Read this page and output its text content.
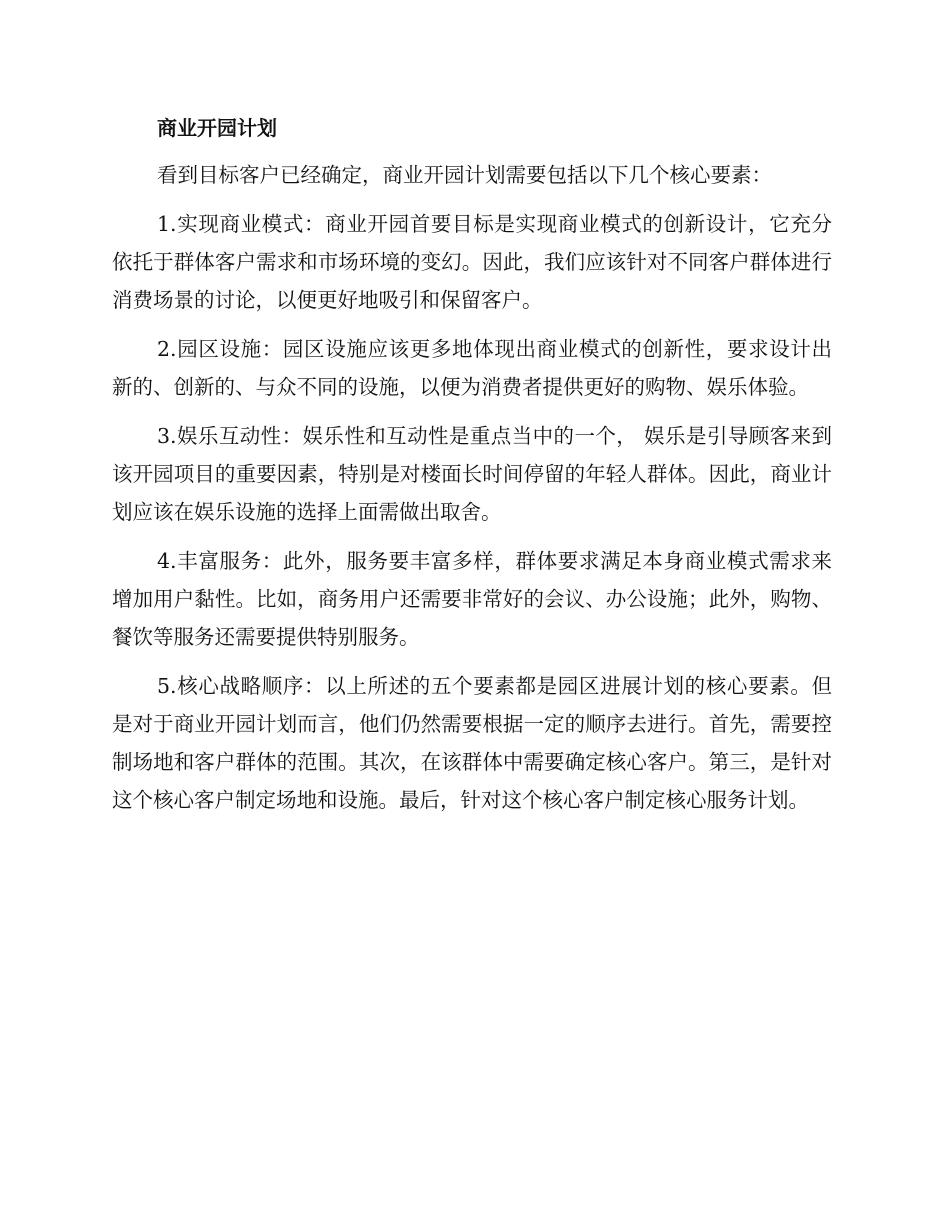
商业开园计划

看到目标客户已经确定，商业开园计划需要包括以下几个核心要素：

1.实现商业模式：商业开园首要目标是实现商业模式的创新设计，它充分依托于群体客户需求和市场环境的变幻。因此，我们应该针对不同客户群体进行消费场景的讨论，以便更好地吸引和保留客户。

2.园区设施：园区设施应该更多地体现出商业模式的创新性，要求设计出新的、创新的、与众不同的设施，以便为消费者提供更好的购物、娱乐体验。

3.娱乐互动性：娱乐性和互动性是重点当中的一个， 娱乐是引导顾客来到该开园项目的重要因素，特别是对楼面长时间停留的年轻人群体。因此，商业计划应该在娱乐设施的选择上面需做出取舍。

4.丰富服务：此外，服务要丰富多样，群体要求满足本身商业模式需求来增加用户黏性。比如，商务用户还需要非常好的会议、办公设施；此外，购物、餐饮等服务还需要提供特别服务。

5.核心战略顺序：以上所述的五个要素都是园区进展计划的核心要素。但是对于商业开园计划而言，他们仍然需要根据一定的顺序去进行。首先，需要控制场地和客户群体的范围。其次，在该群体中需要确定核心客户。第三，是针对这个核心客户制定场地和设施。最后，针对这个核心客户制定核心服务计划。
